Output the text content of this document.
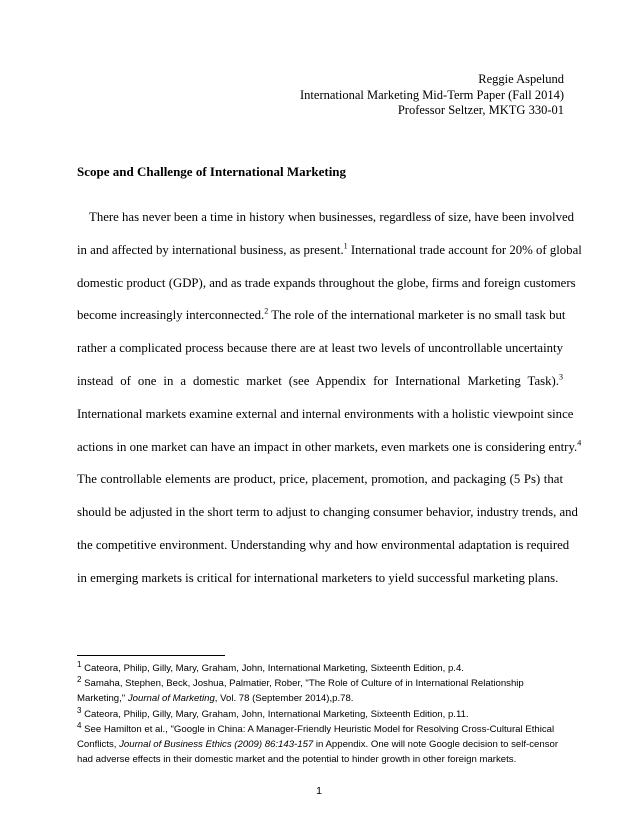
Reggie Aspelund
International Marketing Mid-Term Paper (Fall 2014)
Professor Seltzer, MKTG 330-01
Scope and Challenge of International Marketing
There has never been a time in history when businesses, regardless of size, have been involved
in and affected by international business, as present.$^1$ International trade account for 20% of global
domestic product (GDP), and as trade expands throughout the globe, firms and foreign customers
become increasingly interconnected.$^2$ The role of the international marketer is no small task but
rather a complicated process because there are at least two levels of uncontrollable uncertainty
instead of one in a domestic market (see Appendix for International Marketing Task).$^3$
International markets examine external and internal environments with a holistic viewpoint since
actions in one market can have an impact in other markets, even markets one is considering entry.$^4$
The controllable elements are product, price, placement, promotion, and packaging (5 Ps) that
should be adjusted in the short term to adjust to changing consumer behavior, industry trends, and
the competitive environment. Understanding why and how environmental adaptation is required
in emerging markets is critical for international marketers to yield successful marketing plans.
$^1$ Cateora, Philip, Gilly, Mary, Graham, John, International Marketing, Sixteenth Edition, p.4.
$^2$ Samaha, Stephen, Beck, Joshua, Palmatier, Rober, "The Role of Culture of in International Relationship
Marketing," Journal of Marketing, Vol. 78 (September 2014),p.78.
$^3$ Cateora, Philip, Gilly, Mary, Graham, John, International Marketing, Sixteenth Edition, p.11.
$^4$ See Hamilton et al., "Google in China: A Manager-Friendly Heuristic Model for Resolving Cross-Cultural Ethical
Conflicts, Journal of Business Ethics (2009) 86:143-157 in Appendix. One will note Google decision to self-censor
had adverse effects in their domestic market and the potential to hinder growth in other foreign markets.
1
